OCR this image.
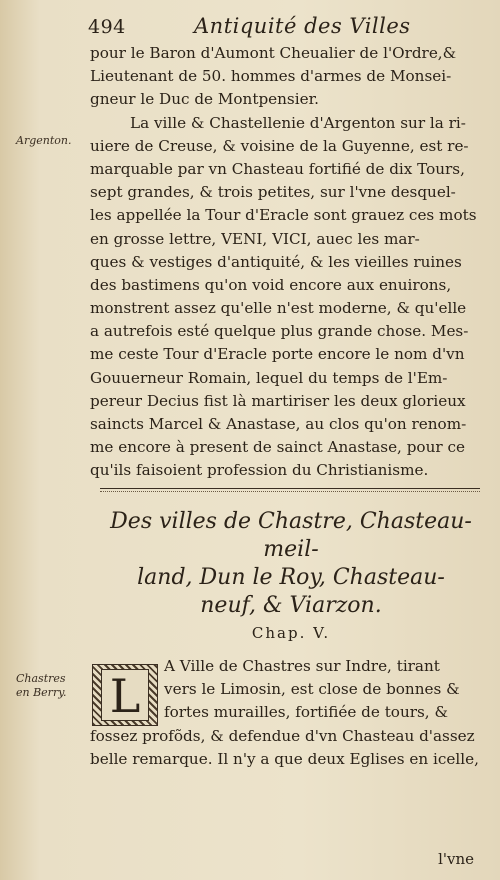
494	Antiquité des Villes
Argenton.
pour le Baron d'Aumont Cheualier de l'Ordre,&
Lieutenant de 50. hommes d'armes de Monsei-
gneur le Duc de Montpensier.
La ville & Chastellenie d'Argenton sur la ri-
uiere de Creuse, & voisine de la Guyenne, est re-
marquable par vn Chasteau fortifié de dix Tours,
sept grandes, & trois petites, sur l'vne desquel-
les appellée la Tour d'Eracle sont grauez ces mots
en grosse lettre, VENI, VICI, auec les mar-
ques & vestiges d'antiquité, & les vieilles ruines
des bastimens qu'on void encore aux enuirons,
monstrent assez qu'elle n'est moderne, & qu'elle
a autrefois esté quelque plus grande chose. Mes-
me ceste Tour d'Eracle porte encore le nom d'vn
Gouuerneur Romain, lequel du temps de l'Em-
pereur Decius fist là martiriser les deux glorieux
saincts Marcel & Anastase, au clos qu'on renom-
me encore à present de sainct Anastase, pour ce
qu'ils faisoient profession du Christianisme.
Des villes de Chastre, Chasteau-meil-
land, Dun le Roy, Chasteau-
neuf, & Viarzon.
Chap. V.
Chastres
en Berry. L
A Ville de Chastres sur Indre, tirant
vers le Limosin, est close de bonnes &
fortes murailles, fortifiée de tours, &
fossez profõds, & defendue d'vn Chasteau d'assez
belle remarque. Il n'y a que deux Eglises en icelle,
l'vne
